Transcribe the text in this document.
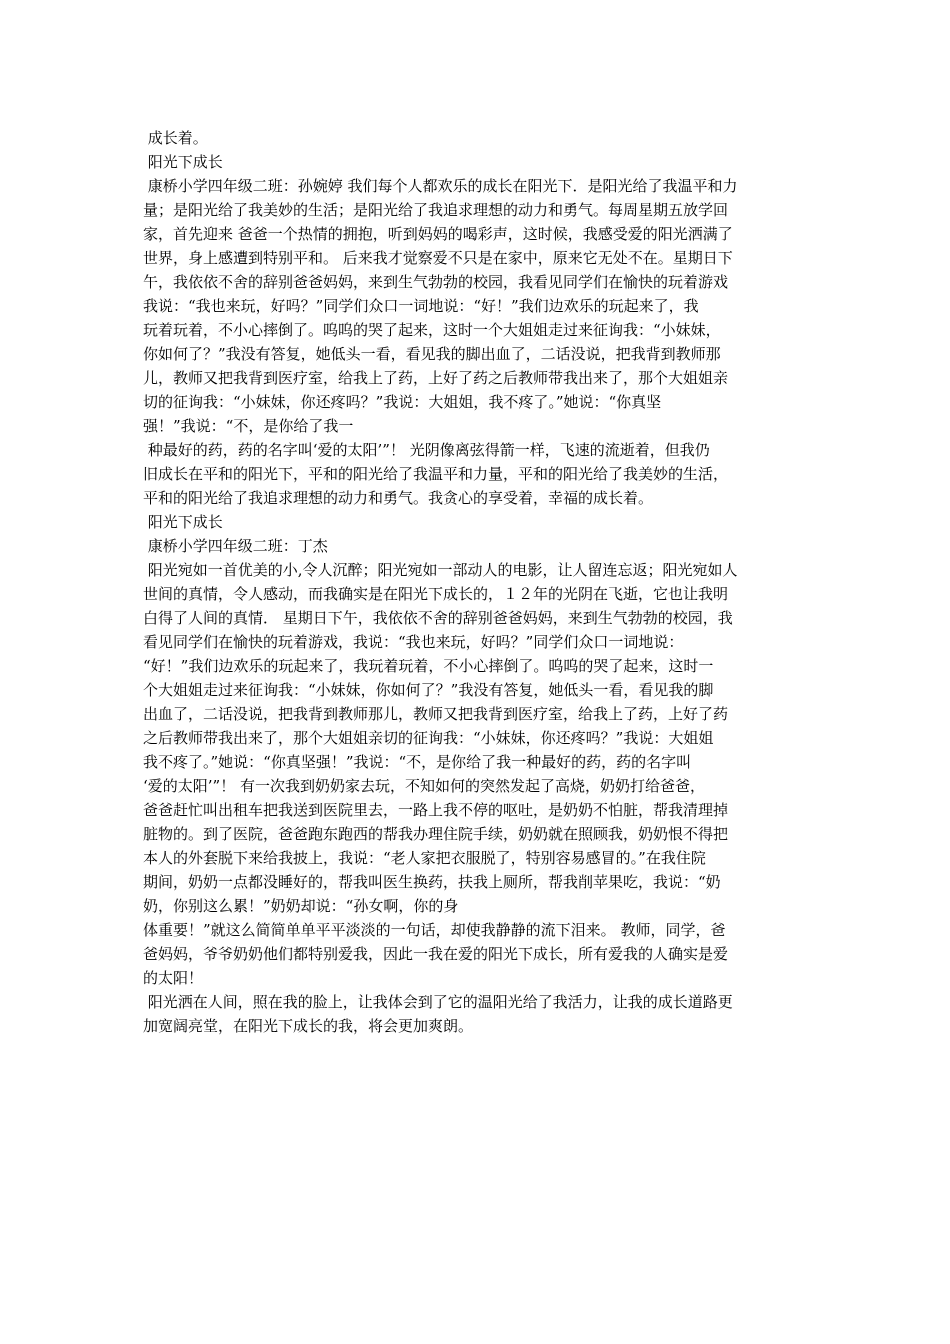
成长着。
阳光下成长
康桥小学四年级二班：孙婉婷 我们每个人都欢乐的成长在阳光下．是阳光给了我温平和力
量；是阳光给了我美妙的生活；是阳光给了我追求理想的动力和勇气。每周星期五放学回
家，首先迎来 爸爸一个热情的拥抱，听到妈妈的喝彩声，这时候，我感受爱的阳光洒满了
世界，身上感遭到特别平和。 后来我才觉察爱不只是在家中，原来它无处不在。星期日下
午，我依依不舍的辞别爸爸妈妈，来到生气勃勃的校园，我看见同学们在愉快的玩着游戏
我说：“我也来玩，好吗？”同学们众口一词地说：“好！”我们边欢乐的玩起来了，我
玩着玩着，不小心摔倒了。呜呜的哭了起来，这时一个大姐姐走过来征询我：“小妹妹，
你如何了？”我没有答复，她低头一看，看见我的脚出血了，二话没说，把我背到教师那
儿，教师又把我背到医疗室，给我上了药，上好了药之后教师带我出来了，那个大姐姐亲
切的征询我：“小妹妹，你还疼吗？”我说：大姐姐，我不疼了。”她说：“你真坚
强！”我说：“不，是你给了我一
种最好的药，药的名字叫‘爱的太阳’”！ 光阴像离弦得箭一样，飞速的流逝着，但我仍
旧成长在平和的阳光下，平和的阳光给了我温平和力量，平和的阳光给了我美妙的生活，
平和的阳光给了我追求理想的动力和勇气。我贪心的享受着，幸福的成长着。
阳光下成长
康桥小学四年级二班：丁杰
阳光宛如一首优美的小,令人沉醉；阳光宛如一部动人的电影，让人留连忘返；阳光宛如人
世间的真情，令人感动，而我确实是在阳光下成长的，１２年的光阴在飞逝，它也让我明
白得了人间的真情． 星期日下午，我依依不舍的辞别爸爸妈妈，来到生气勃勃的校园，我
看见同学们在愉快的玩着游戏，我说：“我也来玩，好吗？”同学们众口一词地说：
“好！”我们边欢乐的玩起来了，我玩着玩着，不小心摔倒了。呜呜的哭了起来，这时一
个大姐姐走过来征询我：“小妹妹，你如何了？”我没有答复，她低头一看，看见我的脚
出血了，二话没说，把我背到教师那儿，教师又把我背到医疗室，给我上了药，上好了药
之后教师带我出来了，那个大姐姐亲切的征询我：“小妹妹，你还疼吗？”我说：大姐姐
我不疼了。”她说：“你真坚强！”我说：“不，是你给了我一种最好的药，药的名字叫
‘爱的太阳’”！ 有一次我到奶奶家去玩，不知如何的突然发起了高烧，奶奶打给爸爸，
爸爸赶忙叫出租车把我送到医院里去，一路上我不停的呕吐，是奶奶不怕脏，帮我清理掉
脏物的。到了医院，爸爸跑东跑西的帮我办理住院手续，奶奶就在照顾我，奶奶恨不得把
本人的外套脱下来给我披上，我说：“老人家把衣服脱了，特别容易感冒的。”在我住院
期间，奶奶一点都没睡好的，帮我叫医生换药，扶我上厕所，帮我削苹果吃，我说：“奶
奶，你别这么累！”奶奶却说：“孙女啊，你的身
体重要！”就这么简简单单平平淡淡的一句话，却使我静静的流下泪来。 教师，同学，爸
爸妈妈，爷爷奶奶他们都特别爱我，因此一我在爱的阳光下成长，所有爱我的人确实是爱
的太阳！
阳光洒在人间，照在我的脸上，让我体会到了它的温阳光给了我活力，让我的成长道路更
加宽阔亮堂，在阳光下成长的我，将会更加爽朗。
